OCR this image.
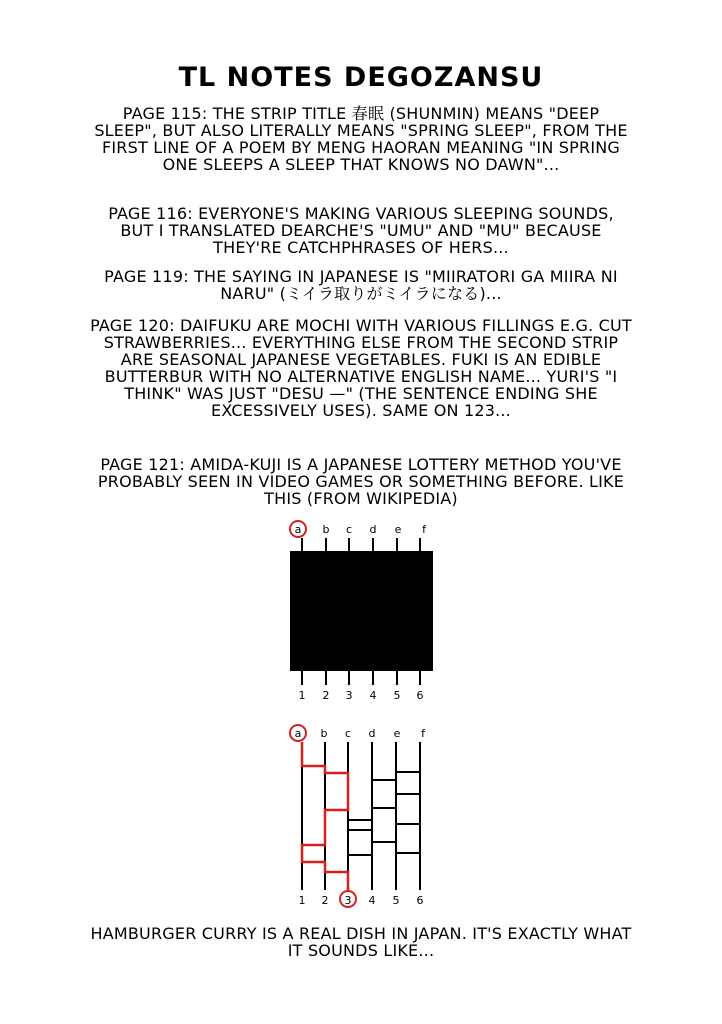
TL NOTES DEGOZANSU
PAGE 115: THE STRIP TITLE 春眠 (SHUNMIN) MEANS "DEEP SLEEP", BUT ALSO LITERALLY MEANS "SPRING SLEEP", FROM THE FIRST LINE OF A POEM BY MENG HAORAN MEANING "IN SPRING ONE SLEEPS A SLEEP THAT KNOWS NO DAWN"...
PAGE 116: EVERYONE'S MAKING VARIOUS SLEEPING SOUNDS, BUT I TRANSLATED DEARCHE'S "UMU" AND "MU" BECAUSE THEY'RE CATCHPHRASES OF HERS...
PAGE 119: THE SAYING IN JAPANESE IS "MIIRATORI GA MIIRA NI NARU" (ミイラ取りがミイラになる)...
PAGE 120: DAIFUKU ARE MOCHI WITH VARIOUS FILLINGS E.G. CUT STRAWBERRIES... EVERYTHING ELSE FROM THE SECOND STRIP ARE SEASONAL JAPANESE VEGETABLES. FUKI IS AN EDIBLE BUTTERBUR WITH NO ALTERNATIVE ENGLISH NAME... YURI'S "I THINK" WAS JUST "DESU —" (THE SENTENCE ENDING SHE EXCESSIVELY USES). SAME ON 123...
PAGE 121: AMIDA-KUJI IS A JAPANESE LOTTERY METHOD YOU'VE PROBABLY SEEN IN VIDEO GAMES OR SOMETHING BEFORE. LIKE THIS (FROM WIKIPEDIA)
a b c d e f
1 2 3 4 5 6
a b c d e f
1 2 3 4 5 6
HAMBURGER CURRY IS A REAL DISH IN JAPAN. IT'S EXACTLY WHAT IT SOUNDS LIKE...
